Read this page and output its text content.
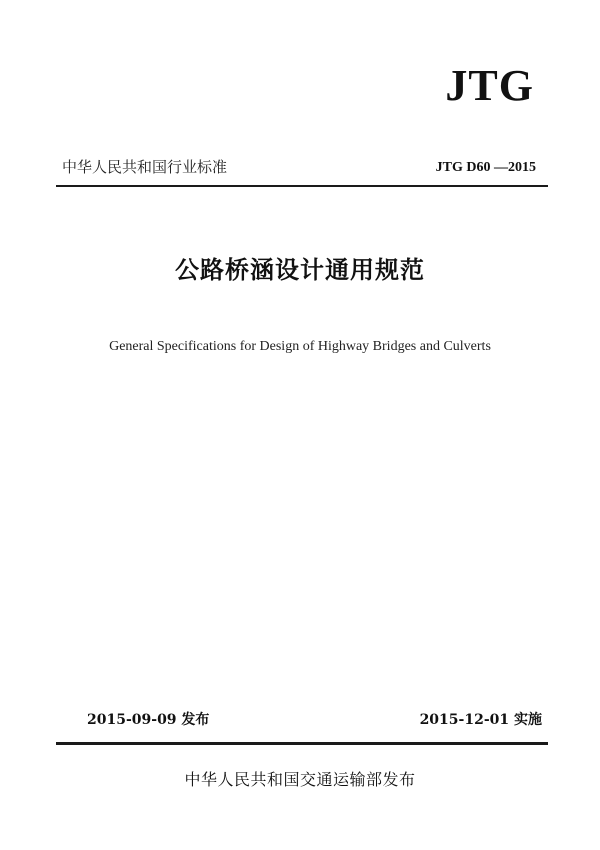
JTG
中华人民共和国行业标准	JTG D60 —2015
公路桥涵设计通用规范
General Specifications for Design of Highway Bridges and Culverts
2015-09-09 发布	2015-12-01 实施
中华人民共和国交通运输部发布
